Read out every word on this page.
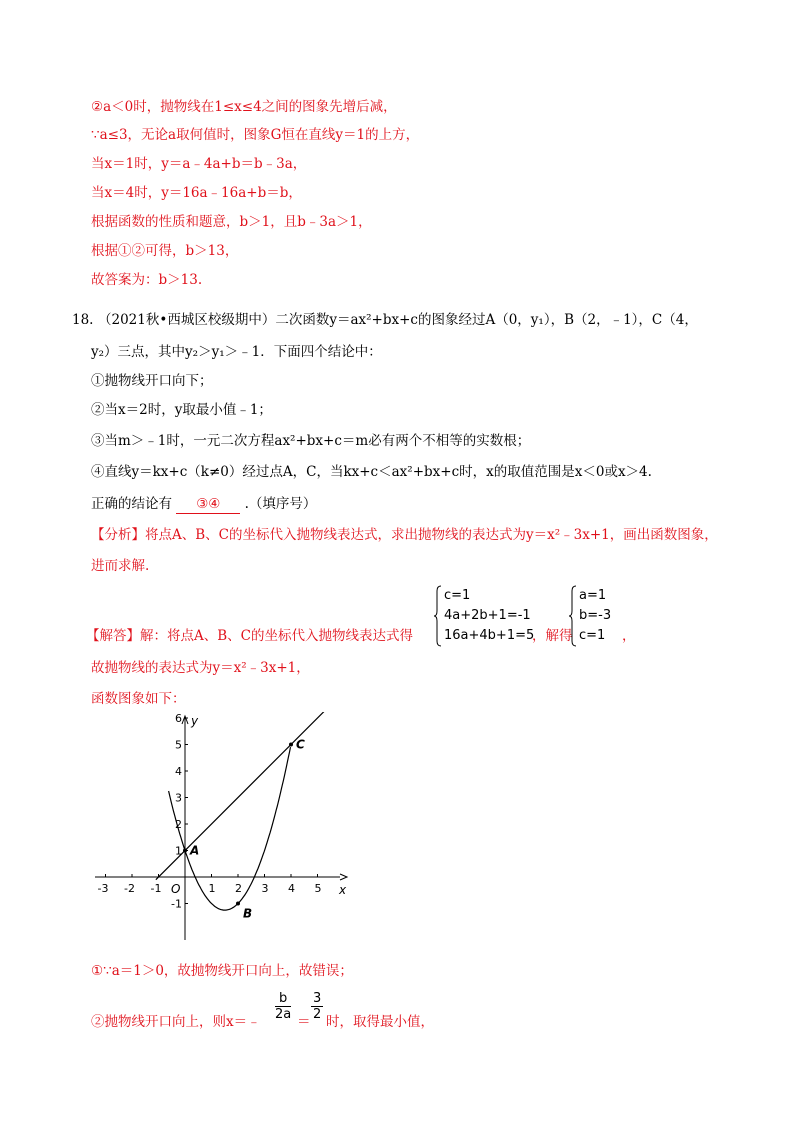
②a＜0时，抛物线在1≤x≤4之间的图象先增后减，
∵a≤3，无论a取何值时，图象G恒在直线y＝1的上方，
当x＝1时，y＝a﹣4a+b＝b﹣3a，
当x＝4时，y＝16a﹣16a+b＝b，
根据函数的性质和题意，b＞1，且b﹣3a＞1，
根据①②可得，b＞13，
故答案为：b＞13.
18. （2021秋•西城区校级期中）二次函数y＝ax²+bx+c的图象经过A（0，y₁），B（2，﹣1），C（4，
y₂）三点，其中y₂＞y₁＞﹣1．下面四个结论中：
①抛物线开口向下；
②当x＝2时，y取最小值﹣1；
③当m＞﹣1时，一元二次方程ax²+bx+c＝m必有两个不相等的实数根；
④直线y＝kx+c（k≠0）经过点A，C，当kx+c＜ax²+bx+c时，x的取值范围是x＜0或x＞4.
正确的结论有 ③④ .（填序号）
【分析】将点A、B、C的坐标代入抛物线表达式，求出抛物线的表达式为y＝x²﹣3x+1，画出函数图象，
进而求解.
【解答】解：将点A、B、C的坐标代入抛物线表达式得
c=1
4a+2b+1=-1
16a+4b+1=5
，解得
a=1
b=-3
c=1 ，
故抛物线的表达式为y＝x²﹣3x+1，
函数图象如下：
x
y
O
-3 -2 -1	1 2 3 4 5
-1
1
2
3
4
5
6
A
B
C
①∵a＝1＞0，故抛物线开口向上，故错误；
②抛物线开口向上，则x＝﹣ $\frac{b}{2a} = \frac{3}{2}$ 时，取得最小值，
